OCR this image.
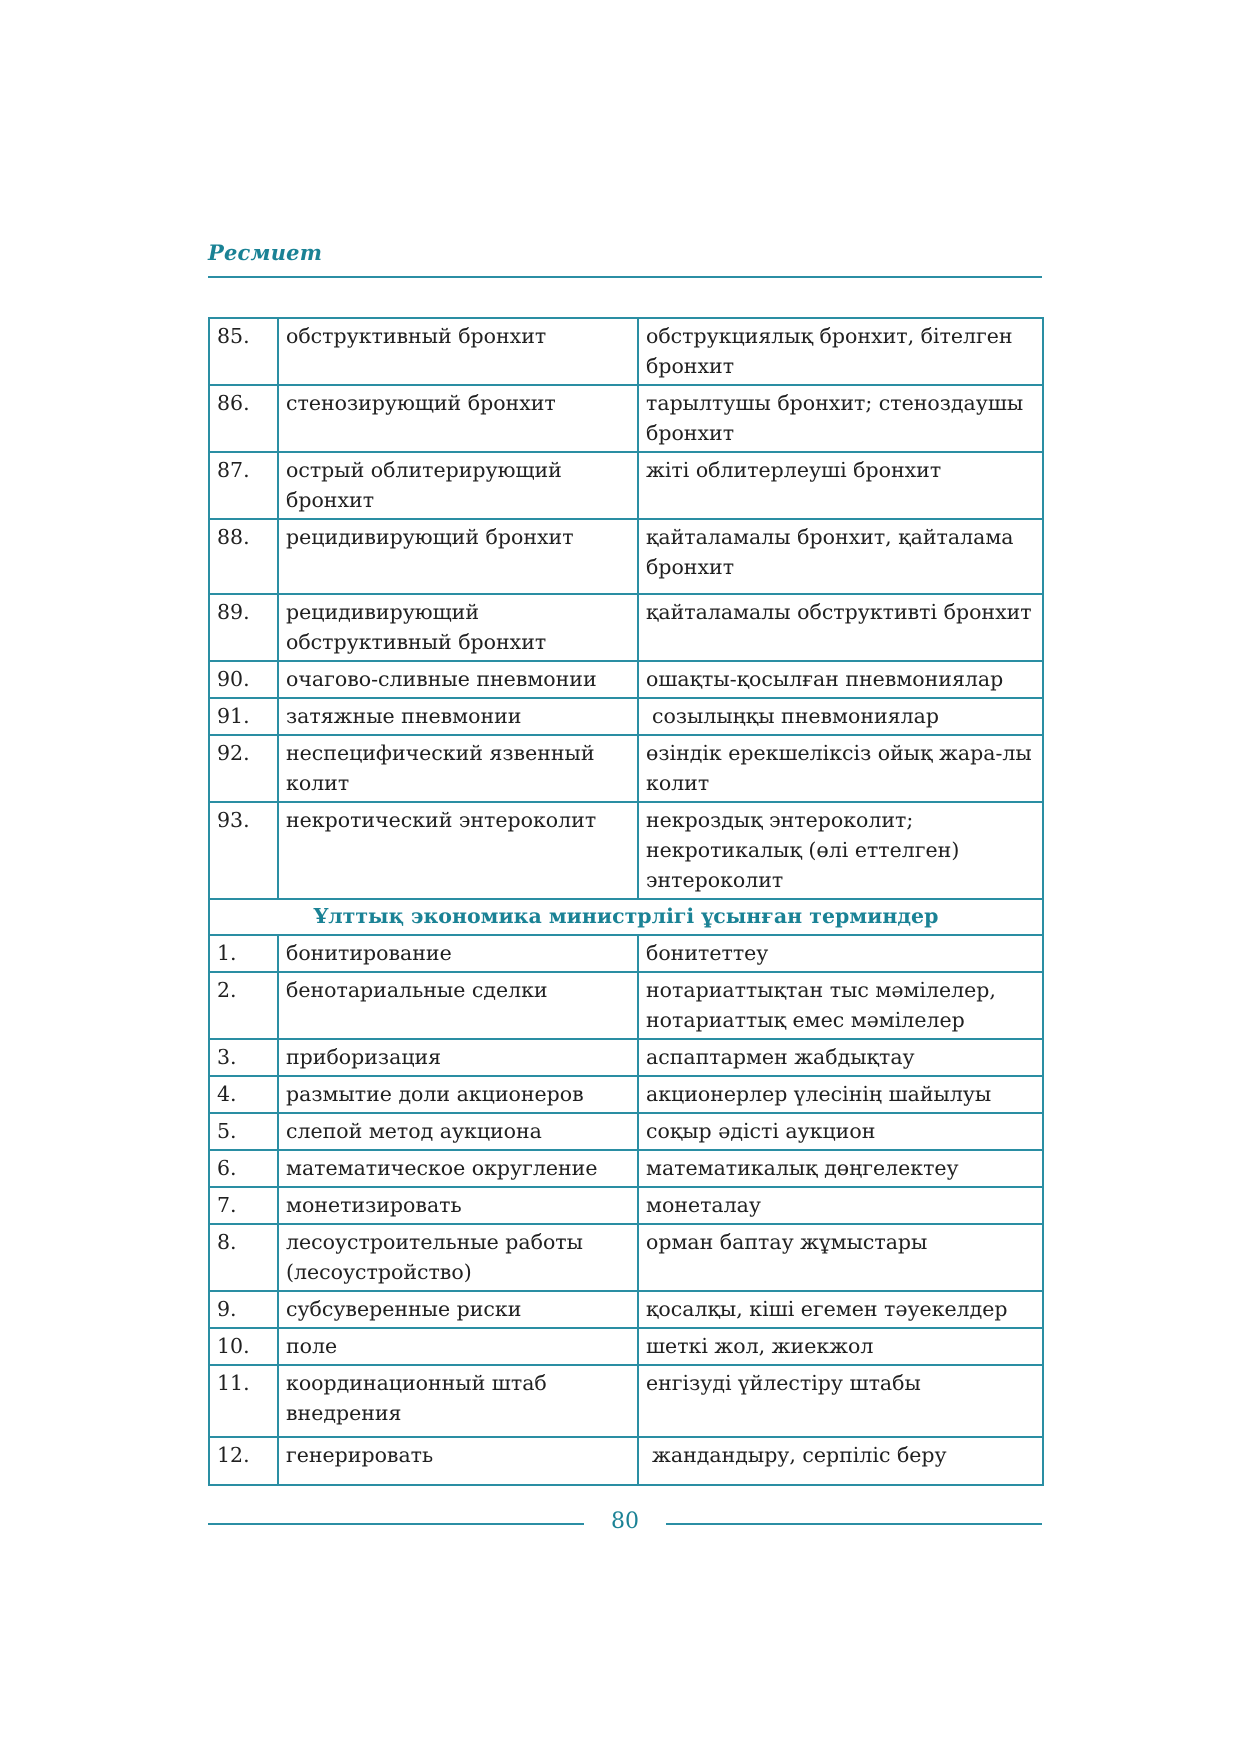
Ресмиет
85.	обструктивный бронхит	обструкциялық бронхит, бітелген бронхит
86.	стенозирующий бронхит	тарылтушы бронхит; стеноздаушы бронхит
87.	острый облитерирующий бронхит	жіті облитерлеуші бронхит
88.	рецидивирующий бронхит	қайталамалы бронхит, қайталама бронхит
89.	рецидивирующий обструктивный бронхит	қайталамалы обструктивті бронхит
90.	очагово-сливные пневмонии	ошақты-қосылған пневмониялар
91.	затяжные пневмонии	созылыңқы пневмониялар
92.	неспецифический язвенный колит	өзіндік ерекшеліксіз ойық жара-лы колит
93.	некротический энтероколит	некроздық энтероколит; некротикалық (өлі еттелген) энтероколит
Ұлттық экономика министрлігі ұсынған терминдер		
1.	бонитирование	бонитеттеу
2.	бенотариальные сделки	нотариаттықтан тыс мәмілелер, нотариаттық емес мәмілелер
3.	приборизация	аспаптармен жабдықтау
4.	размытие доли акционеров	акционерлер үлесінің шайылуы
5.	слепой метод аукциона	соқыр әдісті аукцион
6.	математическое округление	математикалық дөңгелектеу
7.	монетизировать	монеталау
8.	лесоустроительные работы (лесоустройство)	орман баптау жұмыстары
9.	субсуверенные риски	қосалқы, кіші егемен тәуекелдер
10.	поле	шеткі жол, жиекжол
11.	координационный штаб внедрения	енгізуді үйлестіру штабы
12.	генерировать	жандандыру, серпіліс беру
80
